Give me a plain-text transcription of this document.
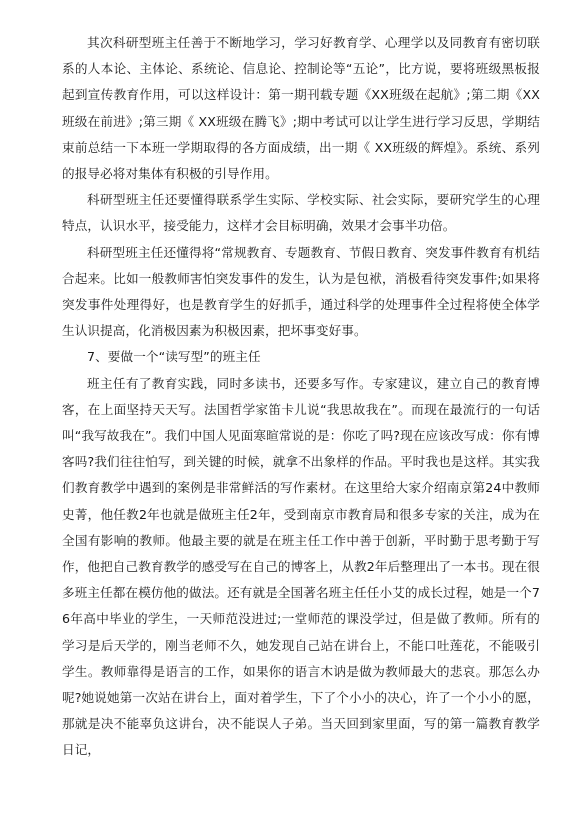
其次科研型班主任善于不断地学习，学习好教育学、心理学以及同教育有密切联系的人本论、主体论、系统论、信息论、控制论等“五论”，比方说，要将班级黑板报起到宣传教育作用，可以这样设计：第一期刊载专题《XX班级在起航》;第二期《XX班级在前进》;第三期《 XX班级在腾飞》;期中考试可以让学生进行学习反思，学期结束前总结一下本班一学期取得的各方面成绩，出一期《 XX班级的辉煌》。系统、系列的报导必将对集体有积极的引导作用。

科研型班主任还要懂得联系学生实际、学校实际、社会实际，要研究学生的心理特点，认识水平，接受能力，这样才会目标明确，效果才会事半功倍。

科研型班主任还懂得将“常规教育、专题教育、节假日教育、突发事件教育有机结合起来。比如一般教师害怕突发事件的发生，认为是包袱，消极看待突发事件;如果将突发事件处理得好，也是教育学生的好抓手，通过科学的处理事件全过程将使全体学生认识提高，化消极因素为积极因素，把坏事变好事。

7、要做一个“读写型”的班主任

班主任有了教育实践，同时多读书，还要多写作。专家建议，建立自己的教育博客，在上面坚持天天写。法国哲学家笛卡儿说“我思故我在”。而现在最流行的一句话叫“我写故我在”。我们中国人见面寒暄常说的是：你吃了吗?现在应该改写成：你有博客吗?我们往往怕写，到关键的时候，就拿不出象样的作品。平时我也是这样。其实我们教育教学中遇到的案例是非常鲜活的写作素材。在这里给大家介绍南京第24中教师史菁，他任教2年也就是做班主任2年，受到南京市教育局和很多专家的关注，成为在全国有影响的教师。他最主要的就是在班主任工作中善于创新，平时勤于思考勤于写作，他把自己教育教学的感受写在自己的博客上，从教2年后整理出了一本书。现在很多班主任都在模仿他的做法。还有就是全国著名班主任任小艾的成长过程，她是一个76年高中毕业的学生，一天师范没进过;一堂师范的课没学过，但是做了教师。所有的学习是后天学的，刚当老师不久，她发现自己站在讲台上，不能口吐莲花，不能吸引学生。教师靠得是语言的工作，如果你的语言木讷是做为教师最大的悲哀。那怎么办呢?她说她第一次站在讲台上，面对着学生，下了个小小的决心，许了一个小小的愿，那就是决不能辜负这讲台，决不能误人子弟。当天回到家里面，写的第一篇教育教学日记，
